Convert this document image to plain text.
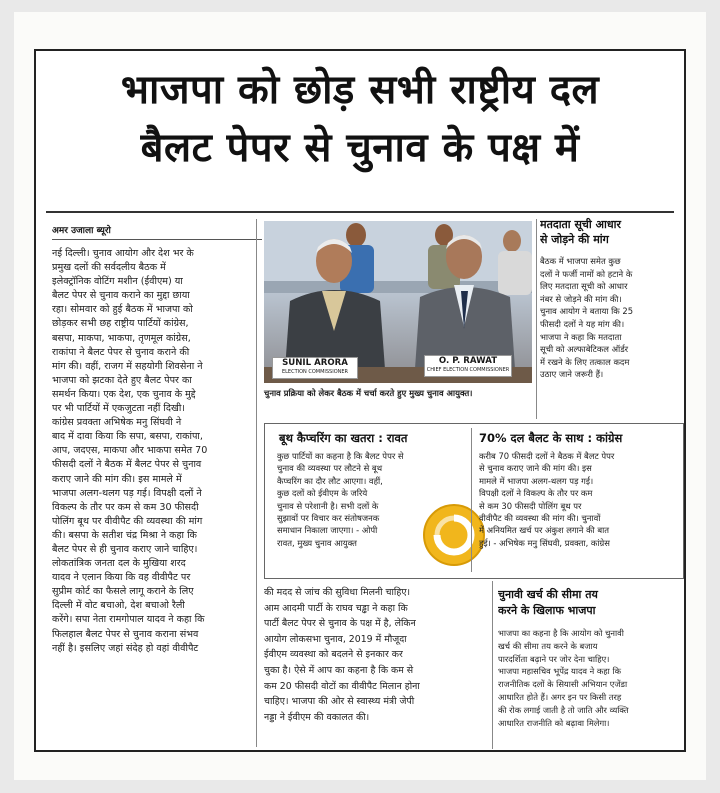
भाजपा को छोड़ सभी राष्ट्रीय दल
बैलट पेपर से चुनाव के पक्ष में
अमर उजाला ब्यूरो
नई दिल्ली। चुनाव आयोग और देश भर के
प्रमुख दलों की सर्वदलीय बैठक में
इलेक्ट्रॉनिक वोटिंग मशीन (ईवीएम) या
बैलट पेपर से चुनाव कराने का मुद्दा छाया
रहा। सोमवार को हुई बैठक में भाजपा को
छोड़कर सभी छह राष्ट्रीय पार्टियों कांग्रेस,
बसपा, माकपा, भाकपा, तृणमूल कांग्रेस,
राकांपा ने बैलट पेपर से चुनाव कराने की
मांग की। वहीं, राजग में सहयोगी शिवसेना ने
भाजपा को झटका देते हुए बैलट पेपर का
समर्थन किया। एक देश, एक चुनाव के मुद्दे
पर भी पार्टियों में एकजुटता नहीं दिखी।
कांग्रेस प्रवक्ता अभिषेक मनु सिंघवी ने
बाद में दावा किया कि सपा, बसपा, राकांपा,
आप, जदएस, माकपा और भाकपा समेत 70
फीसदी दलों ने बैठक में बैलट पेपर से चुनाव
कराए जाने की मांग की। इस मामले में
भाजपा अलग-थलग पड़ गई। विपक्षी दलों ने
विकल्प के तौर पर कम से कम 30 फीसदी
पोलिंग बूथ पर वीवीपैट की व्यवस्था की मांग
की। बसपा के सतीश चंद्र मिश्रा ने कहा कि
बैलट पेपर से ही चुनाव कराए जाने चाहिए।
लोकतांत्रिक जनता दल के मुखिया शरद
यादव ने एलान किया कि वह वीवीपैट पर
सुप्रीम कोर्ट का फैसले लागू कराने के लिए
दिल्ली में वोट बचाओ, देश बचाओ रैली
करेंगे। सपा नेता रामगोपाल यादव ने कहा कि
फिलहाल बैलट पेपर से चुनाव कराना संभव
नहीं है। इसलिए जहां संदेह हो वहां वीवीपैट
SUNIL ARORA
ELECTION COMMISSIONER
O. P. RAWAT
CHIEF ELECTION COMMISSIONER
चुनाव प्रक्रिया को लेकर बैठक में चर्चा करते हुए मुख्य चुनाव आयुक्त।
मतदाता सूची आधार
से जोड़ने की मांग
बैठक में भाजपा समेत कुछ
दलों ने फर्जी नामों को हटाने के
लिए मतदाता सूची को आधार
नंबर से जोड़ने की मांग की।
चुनाव आयोग ने बताया कि 25
फीसदी दलों ने यह मांग की।
भाजपा ने कहा कि मतदाता
सूची को अल्फाबेटिकल ऑर्डर
में रखने के लिए तत्काल कदम
उठाए जाने जरूरी हैं।
बूथ कैप्चरिंग का खतरा : रावत
कुछ पार्टियों का कहना है कि बैलट पेपर से
चुनाव की व्यवस्था पर लौटने से बूथ
कैप्चरिंग का दौर लौट आएगा। वहीं,
कुछ दलों को ईवीएम के जरिये
चुनाव से परेशानी है। सभी दलों के
सुझावों पर विचार कर संतोषजनक
समाधान निकाला जाएगा। - ओपी
रावत, मुख्य चुनाव आयुक्त
70% दल बैलट के साथ : कांग्रेस
करीब 70 फीसदी दलों ने बैठक में बैलट पेपर
से चुनाव कराए जाने की मांग की। इस
मामले में भाजपा अलग-थलग पड़ गई।
विपक्षी दलों ने विकल्प के तौर पर कम
से कम 30 फीसदी पोलिंग बूथ पर
वीवीपैट की व्यवस्था की मांग की। चुनावों
में अनियमित खर्च पर अंकुश लगाने की बात
हुई। - अभिषेक मनु सिंघवी, प्रवक्ता, कांग्रेस
की मदद से जांच की सुविधा मिलनी चाहिए।
आम आदमी पार्टी के राघव चड्ढा ने कहा कि
पार्टी बैलट पेपर से चुनाव के पक्ष में है, लेकिन
आयोग लोकसभा चुनाव, 2019 में मौजूदा
ईवीएम व्यवस्था को बदलने से इनकार कर
चुका है। ऐसे में आप का कहना है कि कम से
कम 20 फीसदी वोटों का वीवीपैट मिलान होना
चाहिए। भाजपा की ओर से स्वास्थ्य मंत्री जेपी
नड्डा ने ईवीएम की वकालत की।
चुनावी खर्च की सीमा तय
करने के खिलाफ भाजपा
भाजपा का कहना है कि आयोग को चुनावी
खर्च की सीमा तय करने के बजाय
पारदर्शिता बढ़ाने पर जोर देना चाहिए।
भाजपा महासचिव भूपेंद्र यादव ने कहा कि
राजनीतिक दलों के सियासी अभियान एजेंडा
आधारित होते हैं। अगर इन पर किसी तरह
की रोक लगाई जाती है तो जाति और व्यक्ति
आधारित राजनीति को बढ़ावा मिलेगा।
